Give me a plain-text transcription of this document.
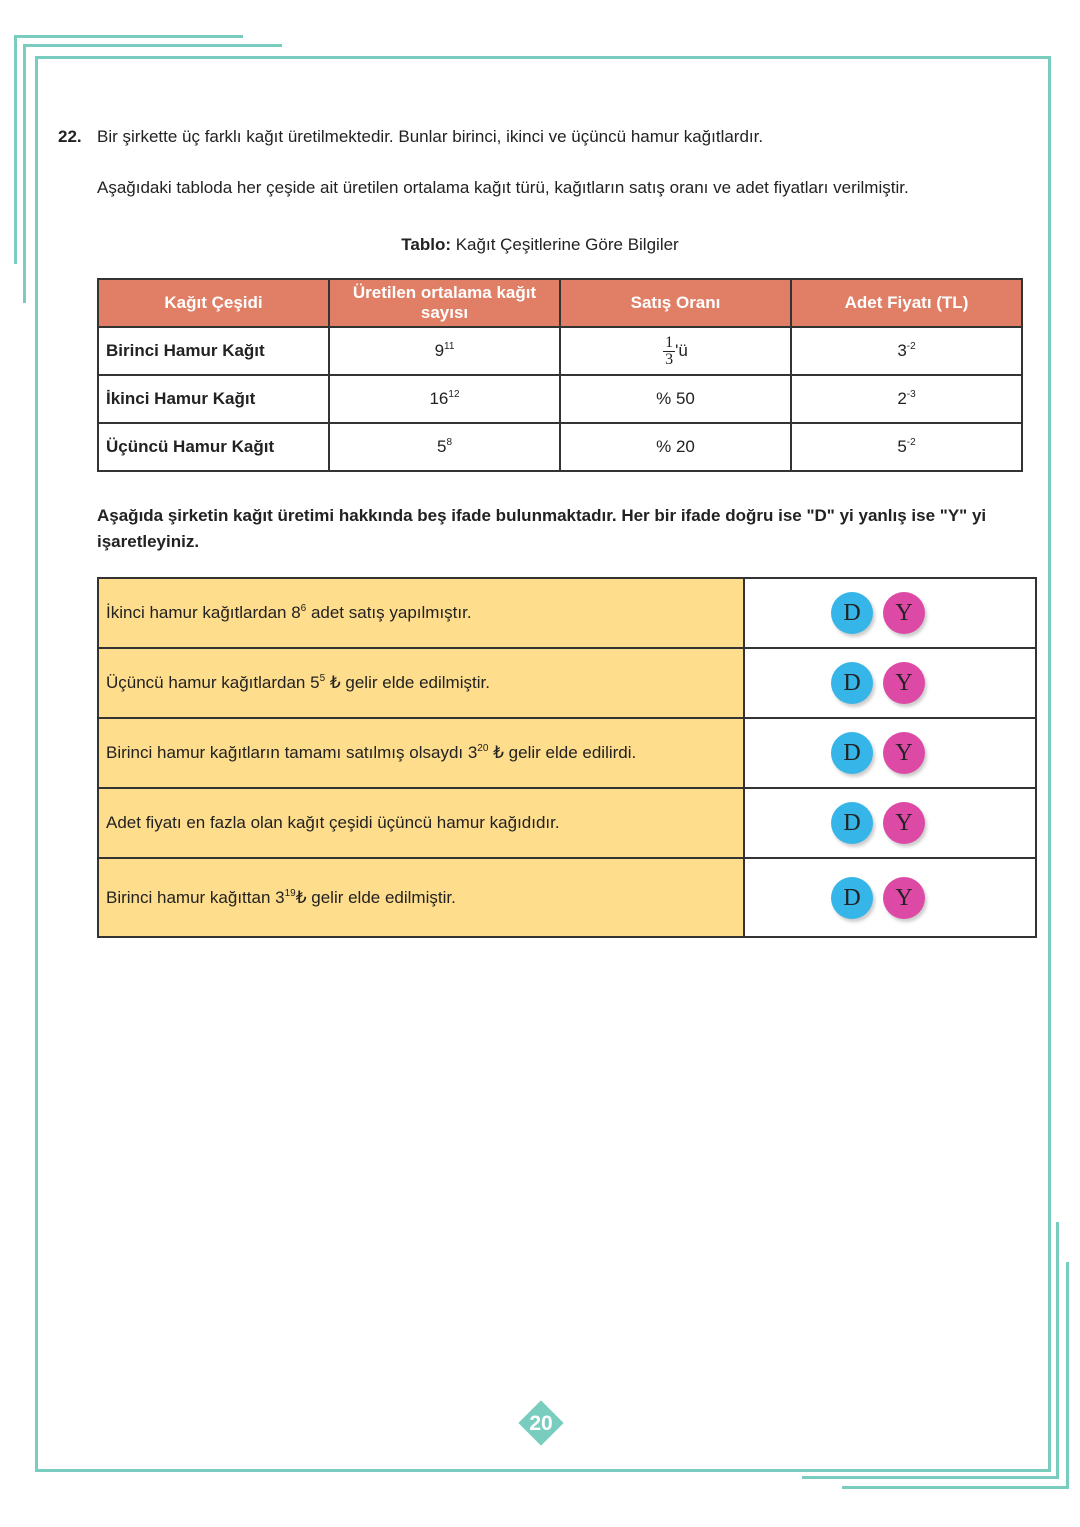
22. Bir şirkette üç farklı kağıt üretilmektedir. Bunlar birinci, ikinci ve üçüncü hamur kağıtlardır.
Aşağıdaki tabloda her çeşide ait üretilen ortalama kağıt türü, kağıtların satış oranı ve adet fiyatları verilmiştir.
Tablo: Kağıt Çeşitlerine Göre Bilgiler
Kağıt Çeşidi	Üretilen ortalama kağıt sayısı	Satış Oranı	Adet Fiyatı (TL)
Birinci Hamur Kağıt	$9^{11}$	$\frac{1}{3}$ 'ü	$3^{-2}$
İkinci Hamur Kağıt	$16^{12}$	% 50	$2^{-3}$
Üçüncü Hamur Kağıt	$5^8$	% 20	$5^{-2}$
Aşağıda şirketin kağıt üretimi hakkında beş ifade bulunmaktadır. Her bir ifade doğru ise "D" yi yanlış ise "Y" yi işaretleyiniz.
İkinci hamur kağıtlardan $8^6$ adet satış yapılmıştır.	D Y
Üçüncü hamur kağıtlardan $5^5$ ₺ gelir elde edilmiştir.	D Y
Birinci hamur kağıtların tamamı satılmış olsaydı $3^{20}$ ₺ gelir elde edilirdi.	D Y
Adet fiyatı en fazla olan kağıt çeşidi üçüncü hamur kağıdıdır.	D Y
Birinci hamur kağıttan $3^{19}₺$ gelir elde edilmiştir.	D Y
20
